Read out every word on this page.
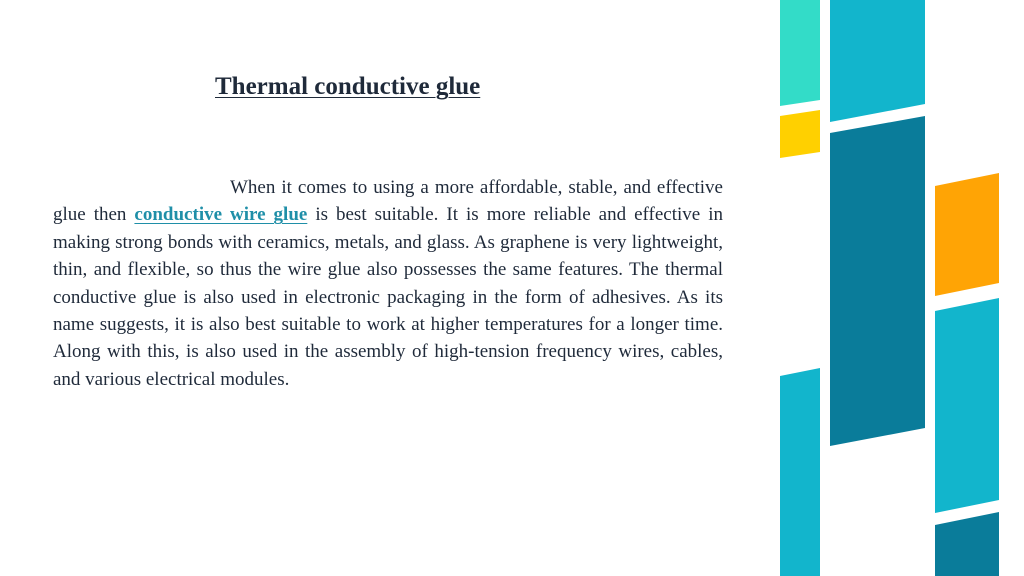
Thermal conductive glue

When it comes to using a more affordable, stable, and effective glue then conductive wire glue is best suitable. It is more reliable and effective in making strong bonds with ceramics, metals, and glass. As graphene is very lightweight, thin, and flexible, so thus the wire glue also possesses the same features. The thermal conductive glue is also used in electronic packaging in the form of adhesives. As its name suggests, it is also best suitable to work at higher temperatures for a longer time. Along with this, is also used in the assembly of high-tension frequency wires, cables, and various electrical modules.
